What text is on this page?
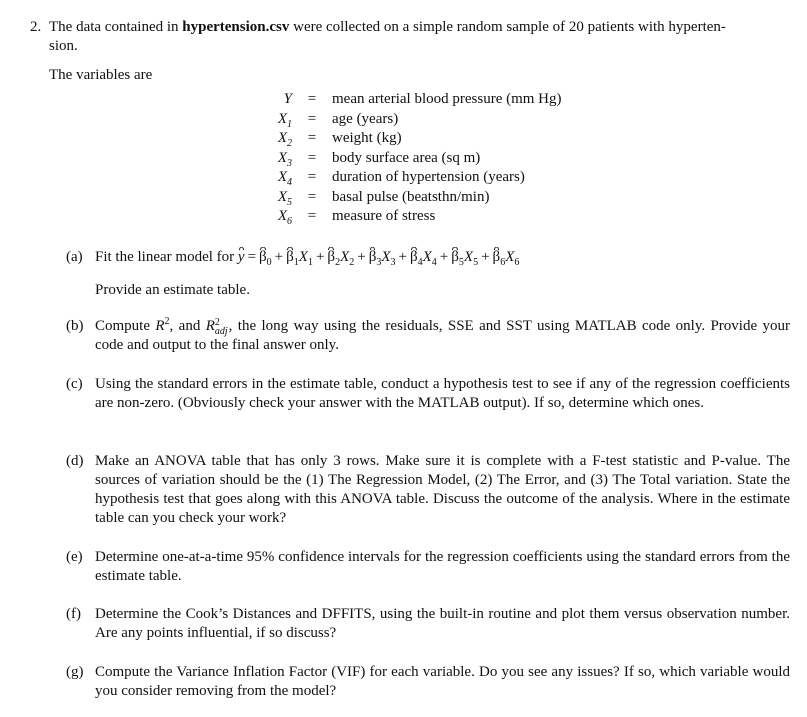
2. The data contained in hypertension.csv were collected on a simple random sample of 20 patients with hyperten-
sion.
The variables are
Y	=	mean arterial blood pressure (mm Hg)
$X_1$	=	age (years)
$X_2$	=	weight (kg)
$X_3$	=	body surface area (sq m)
$X_4$	=	duration of hypertension (years)
$X_5$	=	basal pulse (beatsthn/min)
$X_6$	=	measure of stress
(a) Fit the linear model for $y = \beta_0 + \beta_1X_1 + \beta_2X_2 + \beta_3X_3 + \beta_4X_4 + \beta_5X_5 + \beta_6X_6$
Provide an estimate table.
(b) Compute $R^2$, and R 2
adj , the long way using the residuals, SSE and SST using MATLAB code only. Provide your code and output to the final answer only.
(c) Using the standard errors in the estimate table, conduct a hypothesis test to see if any of the regression coefficients are non-zero. (Obviously check your answer with the MATLAB output). If so, determine which ones.
(d) Make an ANOVA table that has only 3 rows. Make sure it is complete with a F-test statistic and P-value. The sources of variation should be the (1) The Regression Model, (2) The Error, and (3) The Total variation. State the hypothesis test that goes along with this ANOVA table. Discuss the outcome of the analysis. Where in the estimate table can you check your work?
(e) Determine one-at-a-time 95% confidence intervals for the regression coefficients using the standard errors from the estimate table.
(f) Determine the Cook’s Distances and DFFITS, using the built-in routine and plot them versus observation number. Are any points influential, if so discuss?
(g) Compute the Variance Inflation Factor (VIF) for each variable. Do you see any issues? If so, which variable would you consider removing from the model?
